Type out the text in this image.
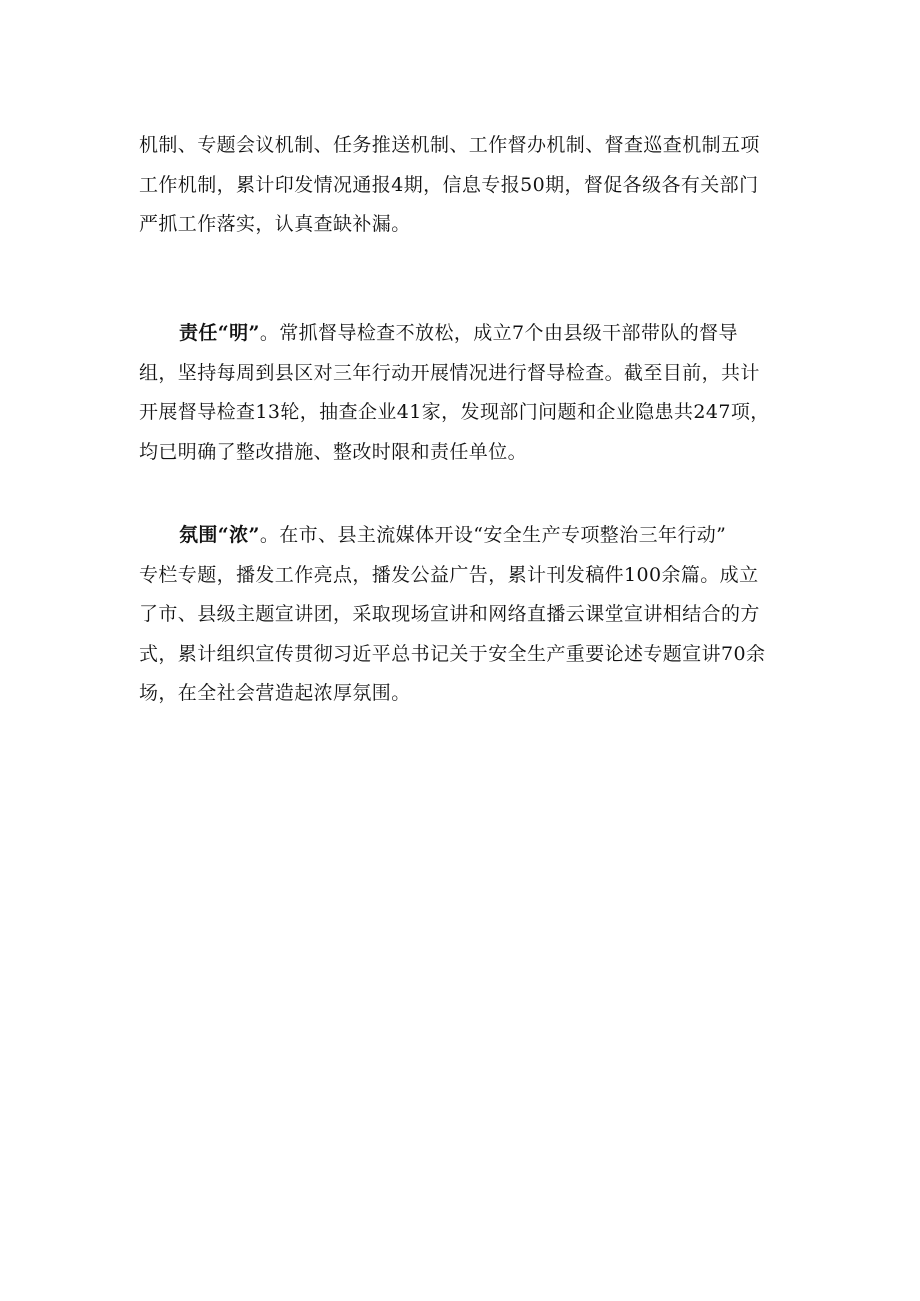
机制、专题会议机制、任务推送机制、工作督办机制、督查巡查机制五项
工作机制，累计印发情况通报4期，信息专报50期，督促各级各有关部门
严抓工作落实，认真查缺补漏。
责任“明”。常抓督导检查不放松，成立7个由县级干部带队的督导
组，坚持每周到县区对三年行动开展情况进行督导检查。截至目前，共计
开展督导检查13轮，抽查企业41家，发现部门问题和企业隐患共247项，
均已明确了整改措施、整改时限和责任单位。
氛围“浓”。在市、县主流媒体开设“安全生产专项整治三年行动”
专栏专题，播发工作亮点，播发公益广告，累计刊发稿件100余篇。成立
了市、县级主题宣讲团，采取现场宣讲和网络直播云课堂宣讲相结合的方
式，累计组织宣传贯彻习近平总书记关于安全生产重要论述专题宣讲70余
场，在全社会营造起浓厚氛围。
